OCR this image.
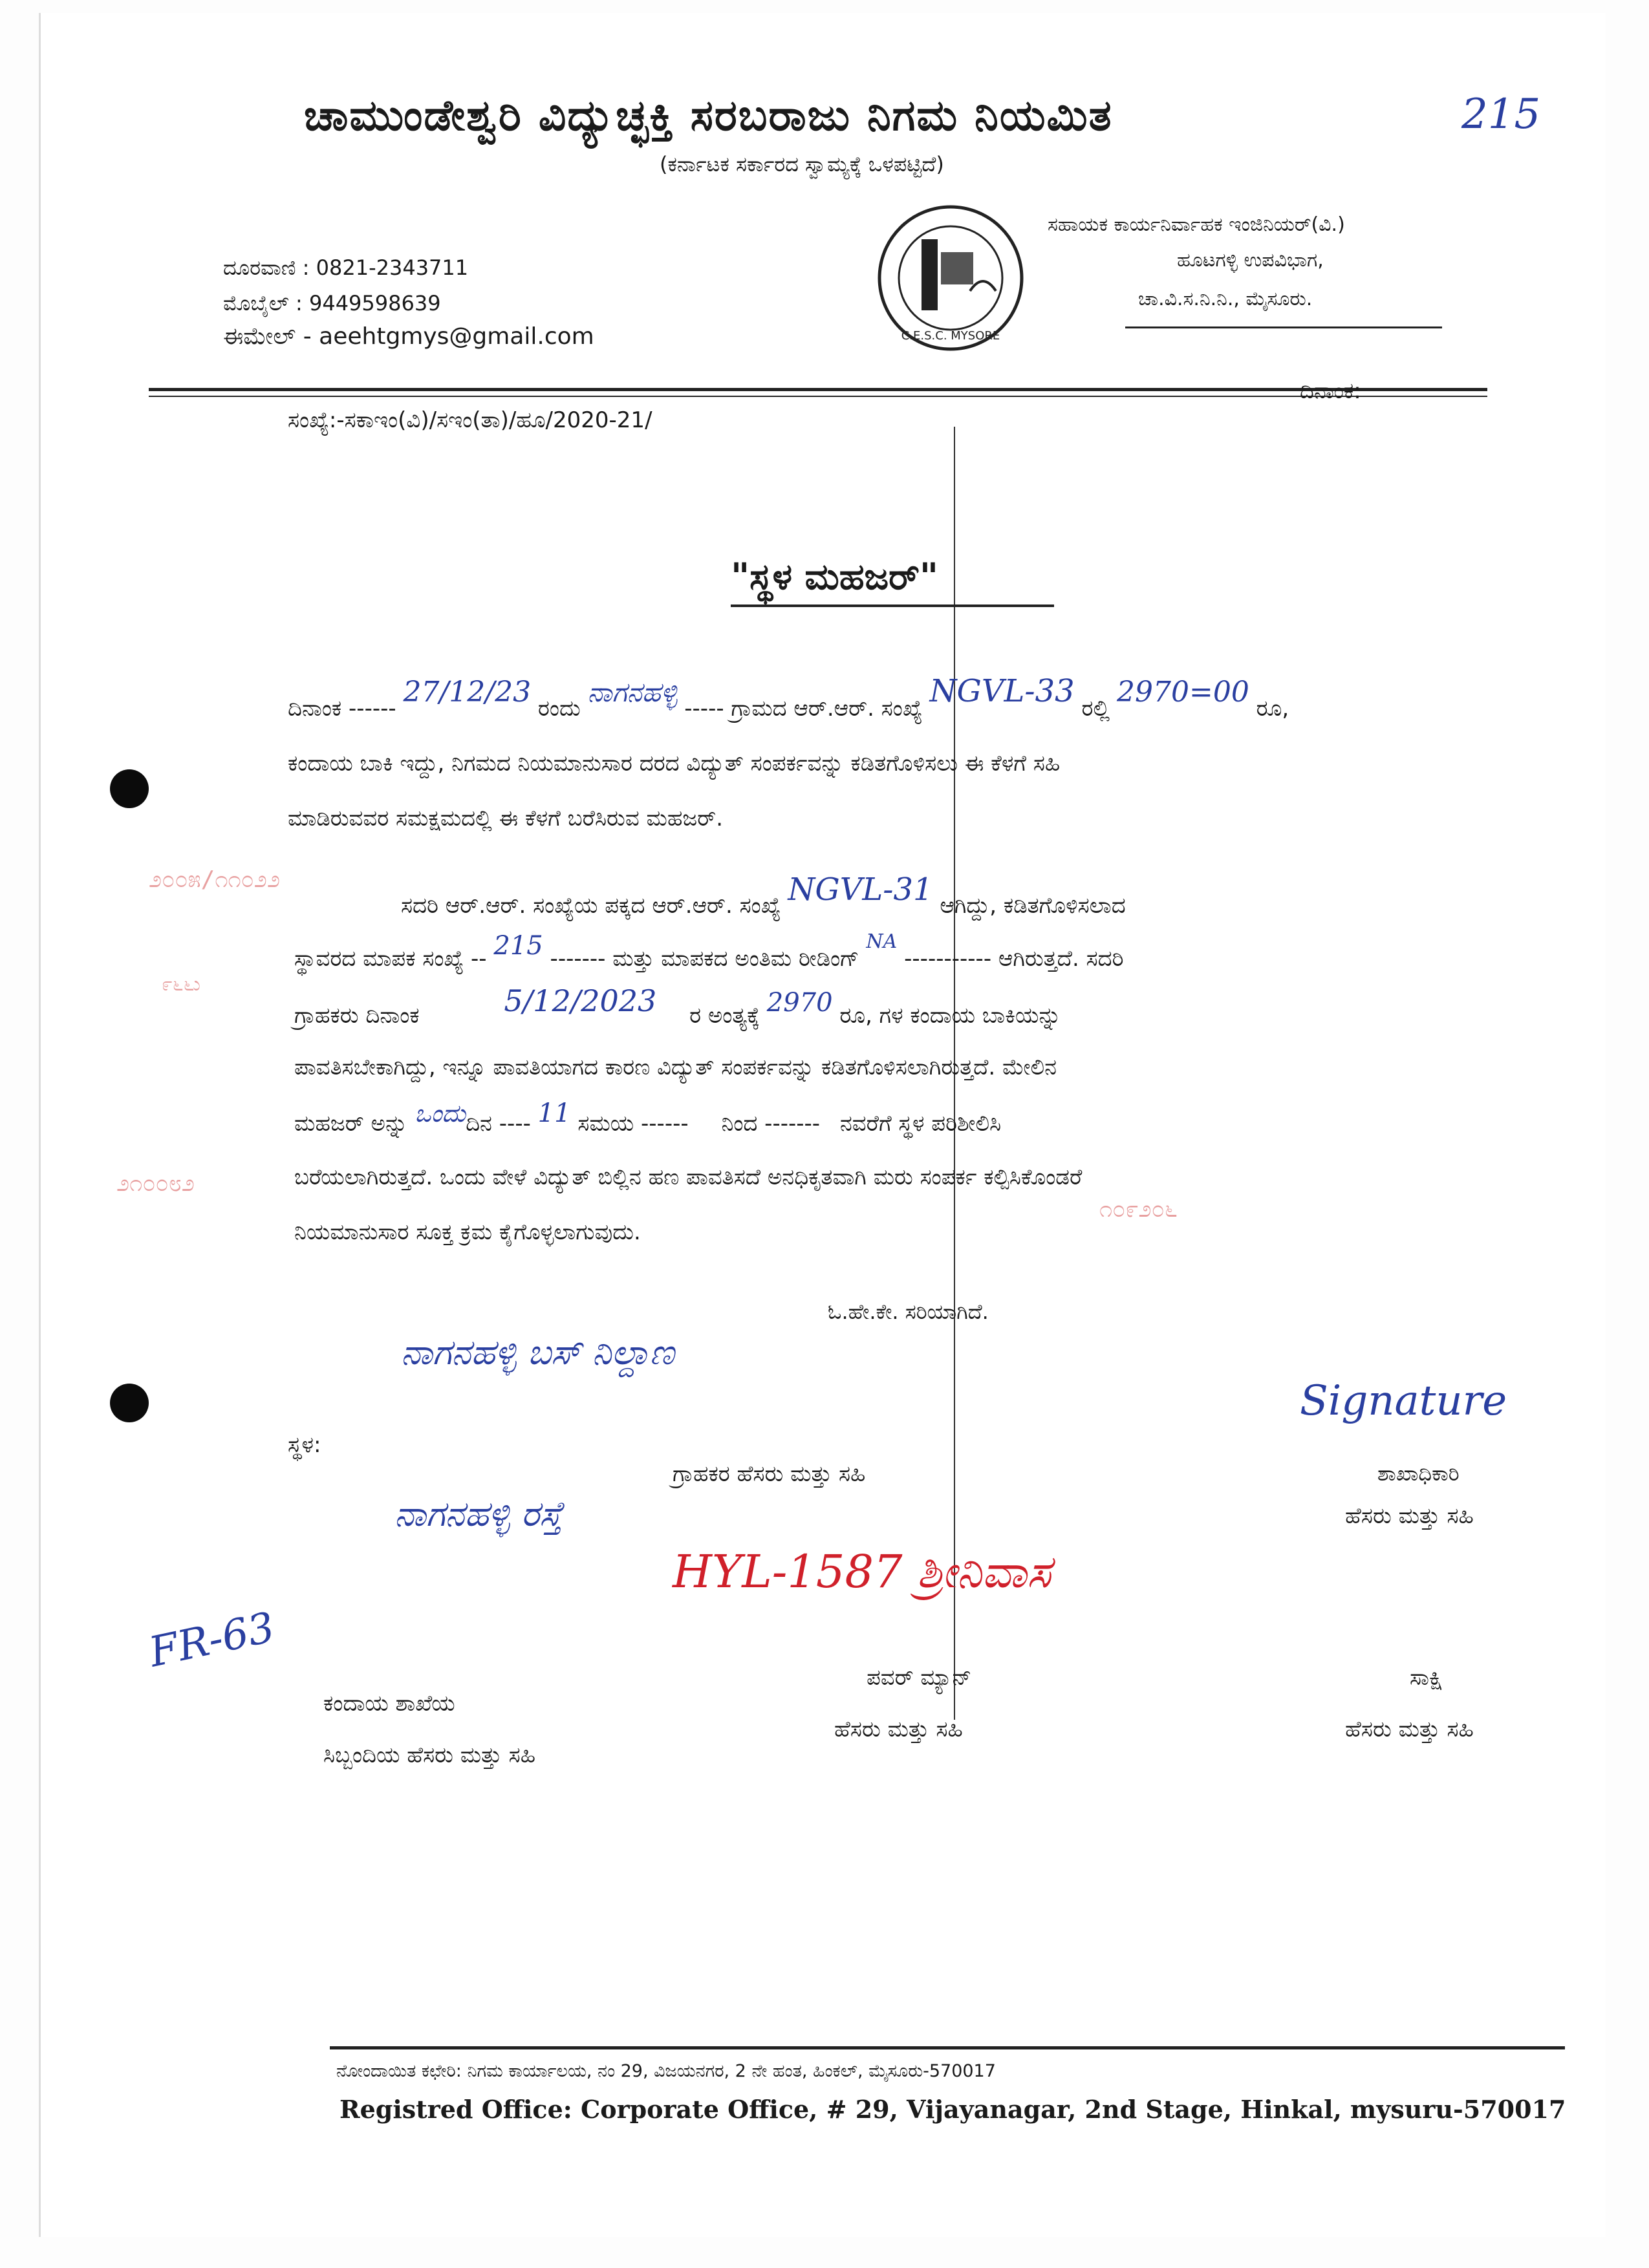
ಚಾಮುಂಡೇಶ್ವರಿ ವಿದ್ಯುಚ್ಛಕ್ತಿ ಸರಬರಾಜು ನಿಗಮ ನಿಯಮಿತ	215
(ಕರ್ನಾಟಕ ಸರ್ಕಾರದ ಸ್ವಾಮ್ಯಕ್ಕೆ ಒಳಪಟ್ಟಿದೆ)
ದೂರವಾಣಿ : 0821-2343711
ಮೊಬೈಲ್ : 9449598639
ಈಮೇಲ್ - aeehtgmys@gmail.com	C.E.S.C. MYSORE
ಸಹಾಯಕ ಕಾರ್ಯನಿರ್ವಾಹಕ ಇಂಜಿನಿಯರ್(ವಿ.)
ಹೂಟಗಳ್ಳಿ ಉಪವಿಭಾಗ,
ಚಾ.ವಿ.ಸ.ನಿ.ನಿ., ಮೈಸೂರು.
ದಿನಾಂಕ:
ಸಂಖ್ಯೆ:-ಸಕಾಇಂ(ವಿ)/ಸಇಂ(ತಾ)/ಹೂ/2020-21/
"ಸ್ಥಳ ಮಹಜರ್"
೨೦೦೫/೧೧೦೨೨
೯೬೬ು
೨೧೦೦೮೨
೧೦೯೨೦೬
ದಿನಾಂಕ ------ 27/12/23 ರಂದು ನಾಗನಹಳ್ಳಿ ----- ಗ್ರಾಮದ ಆರ್.ಆರ್. ಸಂಖ್ಯೆ NGVL-33 ರಲ್ಲಿ 2970=00 ರೂ,
ಕಂದಾಯ ಬಾಕಿ ಇದ್ದು, ನಿಗಮದ ನಿಯಮಾನುಸಾರ ದರದ ವಿದ್ಯುತ್ ಸಂಪರ್ಕವನ್ನು ಕಡಿತಗೊಳಿಸಲು ಈ ಕೆಳಗೆ ಸಹಿ
ಮಾಡಿರುವವರ ಸಮಕ್ಷಮದಲ್ಲಿ ಈ ಕೆಳಗೆ ಬರೆಸಿರುವ ಮಹಜರ್.
ಸದರಿ ಆರ್.ಆರ್. ಸಂಖ್ಯೆಯ ಪಕ್ಕದ ಆರ್.ಆರ್. ಸಂಖ್ಯೆ NGVL-31 ಆಗಿದ್ದು, ಕಡಿತಗೊಳಿಸಲಾದ
ಸ್ಥಾವರದ ಮಾಪಕ ಸಂಖ್ಯೆ -- 215 ------- ಮತ್ತು ಮಾಪಕದ ಅಂತಿಮ ರೀಡಿಂಗ್ NA ----------- ಆಗಿರುತ್ತದೆ. ಸದರಿ
ಗ್ರಾಹಕರು ದಿನಾಂಕ	5/12/2023 ರ ಅಂತ್ಯಕ್ಕೆ 2970 ರೂ, ಗಳ ಕಂದಾಯ ಬಾಕಿಯನ್ನು
ಪಾವತಿಸಬೇಕಾಗಿದ್ದು, ಇನ್ನೂ ಪಾವತಿಯಾಗದ ಕಾರಣ ವಿದ್ಯುತ್ ಸಂಪರ್ಕವನ್ನು ಕಡಿತಗೊಳಿಸಲಾಗಿರುತ್ತದೆ. ಮೇಲಿನ
ಮಹಜರ್ ಅನ್ನು ಒಂದುದಿನ ---- 11 ಸಮಯ ------ ನಿಂದ ------- ನವರೆಗೆ ಸ್ಥಳ ಪರಿಶೀಲಿಸಿ
ಬರೆಯಲಾಗಿರುತ್ತದೆ. ಒಂದು ವೇಳೆ ವಿದ್ಯುತ್ ಬಿಲ್ಲಿನ ಹಣ ಪಾವತಿಸದೆ ಅನಧಿಕೃತವಾಗಿ ಮರು ಸಂಪರ್ಕ ಕಲ್ಪಿಸಿಕೊಂಡರೆ
ನಿಯಮಾನುಸಾರ ಸೂಕ್ತ ಕ್ರಮ ಕೈಗೊಳ್ಳಲಾಗುವುದು.
ಓ.ಹೇ.ಕೇ. ಸರಿಯಾಗಿದೆ.
ನಾಗನಹಳ್ಳಿ ಬಸ್ ನಿಲ್ದಾಣ
ಸ್ಥಳ:
Signature
ಶಾಖಾಧಿಕಾರಿ
ಹೆಸರು ಮತ್ತು ಸಹಿ
ಗ್ರಾಹಕರ ಹೆಸರು ಮತ್ತು ಸಹಿ
ನಾಗನಹಳ್ಳಿ ರಸ್ತೆ
HYL-1587 ಶ್ರೀನಿವಾಸ
FR-63
ಕಂದಾಯ ಶಾಖೆಯ
ಸಿಬ್ಬಂದಿಯ ಹೆಸರು ಮತ್ತು ಸಹಿ
ಪವರ್ ಮ್ಯಾನ್
ಹೆಸರು ಮತ್ತು ಸಹಿ
ಸಾಕ್ಷಿ
ಹೆಸರು ಮತ್ತು ಸಹಿ
ನೋಂದಾಯಿತ ಕಛೇರಿ: ನಿಗಮ ಕಾರ್ಯಾಲಯ, ನಂ 29, ವಿಜಯನಗರ, 2 ನೇ ಹಂತ, ಹಿಂಕಲ್, ಮೈಸೂರು-570017
Registred Office: Corporate Office, # 29, Vijayanagar, 2nd Stage, Hinkal, mysuru-570017
